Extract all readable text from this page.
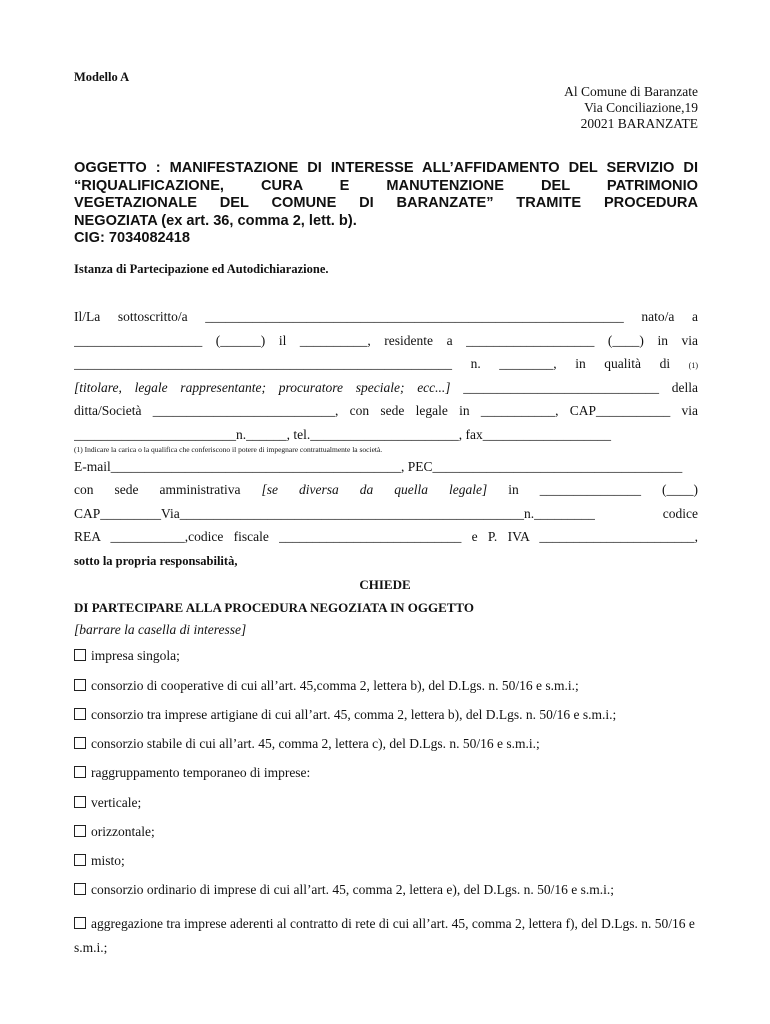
Modello A
Al Comune di Baranzate
Via Conciliazione,19
20021 BARANZATE
OGGETTO : MANIFESTAZIONE DI INTERESSE ALL’AFFIDAMENTO DEL SERVIZIO DI
“RIQUALIFICAZIONE, CURA E MANUTENZIONE DEL PATRIMONIO
VEGETAZIONALE DEL COMUNE DI BARANZATE” TRAMITE PROCEDURA
NEGOZIATA (ex art. 36, comma 2, lett. b).
CIG: 7034082418
Istanza di Partecipazione ed Autodichiarazione.
Il/La sottoscritto/a ______________________________________________________________ nato/a a
___________________ (______) il __________, residente a ___________________ (____) in via
________________________________________________________ n. ________, in qualità di (1)
[titolare, legale rappresentante; procuratore speciale; ecc...] _____________________________ della
ditta/Società ___________________________, con sede legale in ___________, CAP___________ via
________________________n.______, tel.______________________, fax___________________
(1) Indicare la carica o la qualifica che conferiscono il potere di impegnare contrattualmente la società.
E-mail___________________________________________, PEC_____________________________________
con sede amministrativa [se diversa da quella legale] in _______________ (____)
CAP_________Via___________________________________________________n._________ codice
REA ___________,codice fiscale ___________________________ e P. IVA _______________________,
sotto la propria responsabilità,
CHIEDE
DI PARTECIPARE ALLA PROCEDURA NEGOZIATA IN OGGETTO
[barrare la casella di interesse]
impresa singola;
consorzio di cooperative di cui all’art. 45,comma 2, lettera b), del D.Lgs. n. 50/16 e s.m.i.;
consorzio tra imprese artigiane di cui all’art. 45, comma 2, lettera b), del D.Lgs. n. 50/16 e s.m.i.;
consorzio stabile di cui all’art. 45, comma 2, lettera c), del D.Lgs. n. 50/16 e s.m.i.;
raggruppamento temporaneo di imprese:
verticale;
orizzontale;
misto;
consorzio ordinario di imprese di cui all’art. 45, comma 2, lettera e), del D.Lgs. n. 50/16 e s.m.i.;
aggregazione tra imprese aderenti al contratto di rete di cui all’art. 45, comma 2, lettera f), del D.Lgs. n. 50/16 e s.m.i.;
